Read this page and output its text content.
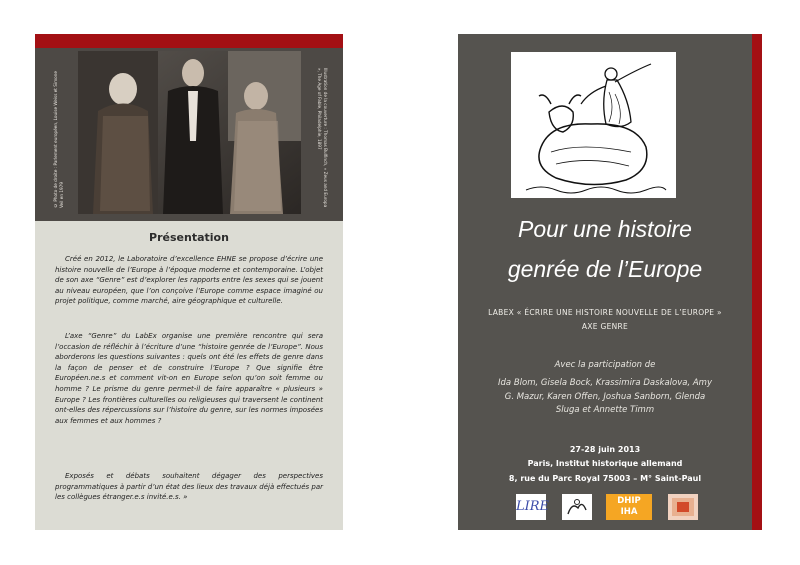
© Photo de droite : Parlement européen, Louise Weiss et Simone Veil en 1979	Illustration de la couverture : Thomas Bulfinch, « Zeus and Europa », The Age of Fable, Philadelphie, 1897
Présentation

Créé en 2012, le Laboratoire d’excellence EHNE se propose d’écrire une histoire nouvelle de l’Europe à l’époque moderne et contemporaine. L’objet de son axe “Genre” est d’explorer les rapports entre les sexes qui se jouent au niveau européen, que l’on conçoive l’Europe comme espace imaginé ou projet politique, comme marché, aire géographique et culturelle.

L’axe “Genre” du LabEx organise une première rencontre qui sera l’occasion de réfléchir à l’écriture d’une “histoire genrée de l’Europe”. Nous aborderons les questions suivantes : quels ont été les effets de genre dans la façon de penser et de construire l’Europe ? Que signifie être Européen.ne.s et comment vit-on en Europe selon qu’on soit femme ou homme ? Le prisme du genre permet-il de faire apparaître « plusieurs » Europe ? Les frontières culturelles ou religieuses qui traversent le continent ont-elles des répercussions sur l’histoire du genre, sur les normes imposées aux femmes et aux hommes ?

Exposés et débats souhaitent dégager des perspectives programmatiques à partir d’un état des lieux des travaux déjà effectués par les collègues étranger.e.s invité.e.s. »

Pour une histoire
genrée de l’Europe
LABEX « ÉCRIRE UNE HISTOIRE NOUVELLE DE L’EUROPE »
AXE GENRE
Avec la participation de
Ida Blom, Gisela Bock, Krassimira Daskalova, Amy G. Mazur, Karen Offen, Joshua Sanborn, Glenda Sluga et Annette Timm
27-28 juin 2013
Paris, Institut historique allemand
8, rue du Parc Royal 75003 – M° Saint-Paul
LIRE	DHIP
IHA
